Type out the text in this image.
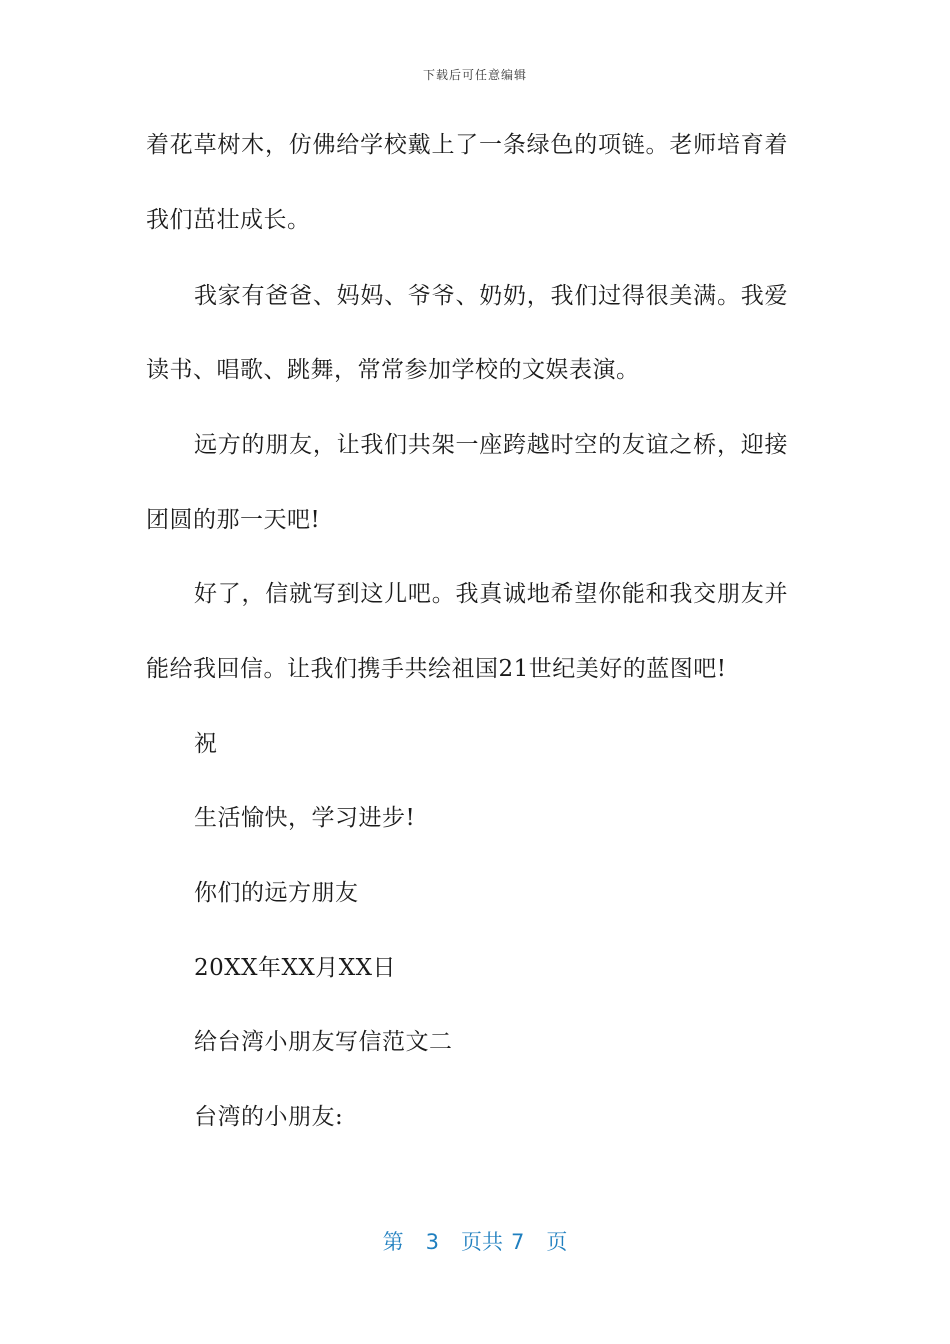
下载后可任意编辑
着花草树木，仿佛给学校戴上了一条绿色的项链。老师培育着
我们茁壮成长。
我家有爸爸、妈妈、爷爷、奶奶，我们过得很美满。我爱
读书、唱歌、跳舞，常常参加学校的文娱表演。
远方的朋友，让我们共架一座跨越时空的友谊之桥，迎接
团圆的那一天吧!
好了，信就写到这儿吧。我真诚地希望你能和我交朋友并
能给我回信。让我们携手共绘祖国21世纪美好的蓝图吧!
祝
生活愉快，学习进步!
你们的远方朋友
20XX年XX月XX日
给台湾小朋友写信范文二
台湾的小朋友:
第 3 页共 7 页
